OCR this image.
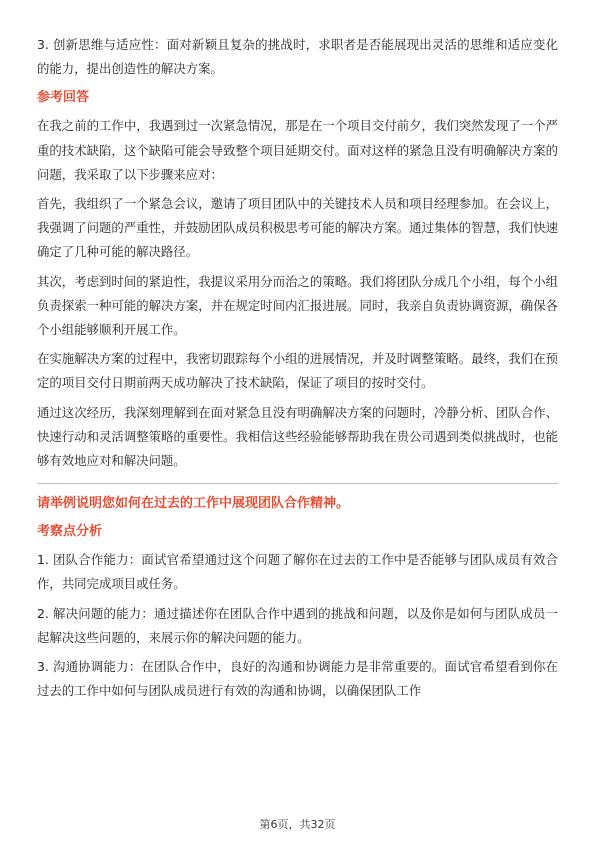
3. 创新思维与适应性：面对新颖且复杂的挑战时，求职者是否能展现出灵活的思维和适应变化的能力，提出创造性的解决方案。

参考回答

在我之前的工作中，我遇到过一次紧急情况，那是在一个项目交付前夕，我们突然发现了一个严重的技术缺陷，这个缺陷可能会导致整个项目延期交付。面对这样的紧急且没有明确解决方案的问题，我采取了以下步骤来应对：

首先，我组织了一个紧急会议，邀请了项目团队中的关键技术人员和项目经理参加。在会议上，我强调了问题的严重性，并鼓励团队成员积极思考可能的解决方案。通过集体的智慧，我们快速确定了几种可能的解决路径。

其次，考虑到时间的紧迫性，我提议采用分而治之的策略。我们将团队分成几个小组，每个小组负责探索一种可能的解决方案，并在规定时间内汇报进展。同时，我亲自负责协调资源，确保各个小组能够顺利开展工作。

在实施解决方案的过程中，我密切跟踪每个小组的进展情况，并及时调整策略。最终，我们在预定的项目交付日期前两天成功解决了技术缺陷，保证了项目的按时交付。

通过这次经历，我深刻理解到在面对紧急且没有明确解决方案的问题时，冷静分析、团队合作、快速行动和灵活调整策略的重要性。我相信这些经验能够帮助我在贵公司遇到类似挑战时，也能够有效地应对和解决问题。

请举例说明您如何在过去的工作中展现团队合作精神。
考察点分析

1. 团队合作能力：面试官希望通过这个问题了解你在过去的工作中是否能够与团队成员有效合作，共同完成项目或任务。

2. 解决问题的能力：通过描述你在团队合作中遇到的挑战和问题，以及你是如何与团队成员一起解决这些问题的，来展示你的解决问题的能力。

3. 沟通协调能力：在团队合作中，良好的沟通和协调能力是非常重要的。面试官希望看到你在过去的工作中如何与团队成员进行有效的沟通和协调，以确保团队工作

第6页，共32页
